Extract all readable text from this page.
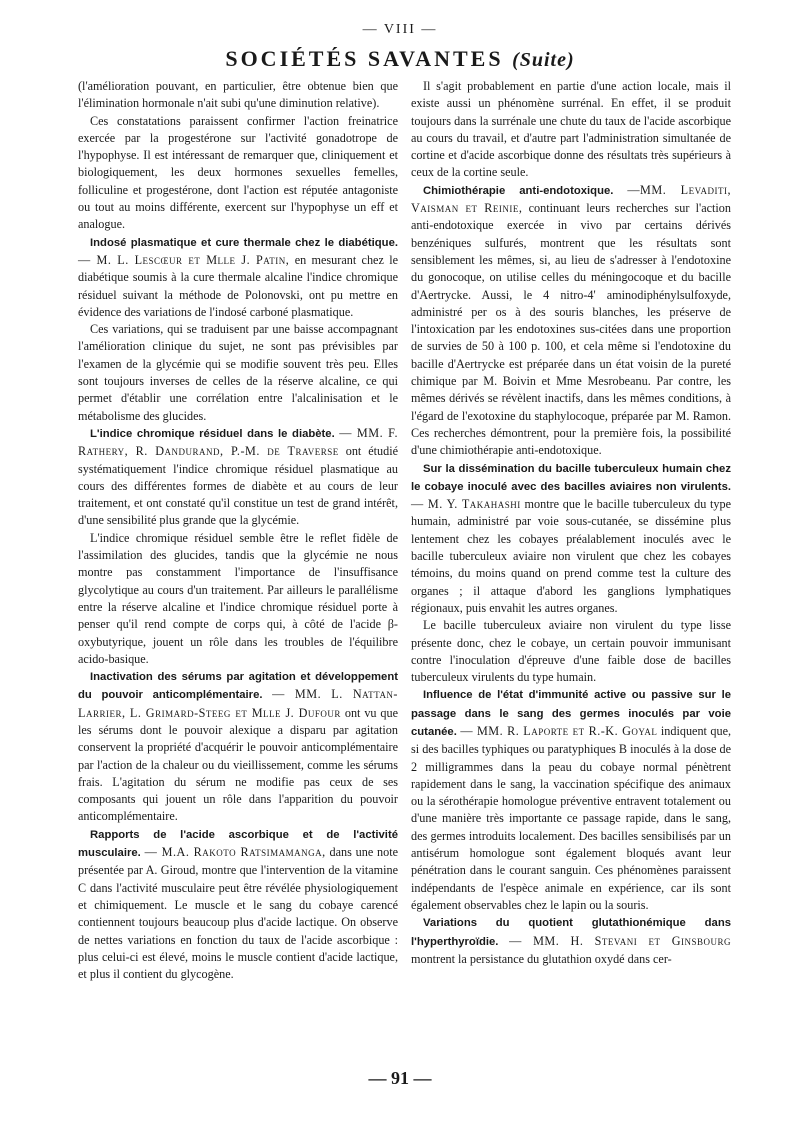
— VIII —
SOCIÉTÉS SAVANTES (Suite)

(l'amélioration pouvant, en particulier, être obtenue bien que l'élimination hormonale n'ait subi qu'une diminution relative).

Ces constatations paraissent confirmer l'action freinatrice exercée par la progestérone sur l'activité gonadotrope de l'hypophyse. Il est intéressant de remarquer que, cliniquement et biologiquement, les deux hormones sexuelles femelles, folliculine et progestérone, dont l'action est réputée antagoniste ou tout au moins différente, exercent sur l'hypophyse un eff et analogue.

Indosé plasmatique et cure thermale chez le diabétique. — M. L. Lescœur et Mlle J. Patin, en mesurant chez le diabétique soumis à la cure thermale alcaline l'indice chromique résiduel suivant la méthode de Polonovski, ont pu mettre en évidence des variations de l'indosé carboné plasmatique.

Ces variations, qui se traduisent par une baisse accompagnant l'amélioration clinique du sujet, ne sont pas prévisibles par l'examen de la glycémie qui se modifie souvent très peu. Elles sont toujours inverses de celles de la réserve alcaline, ce qui permet d'établir une corrélation entre l'alcalinisation et le métabolisme des glucides.

L'indice chromique résiduel dans le diabète. — MM. F. Rathery, R. Dandurand, P.-M. de Traverse ont étudié systématiquement l'indice chromique résiduel plasmatique au cours des différentes formes de diabète et au cours de leur traitement, et ont constaté qu'il constitue un test de grand intérêt, d'une sensibilité plus grande que la glycémie.

L'indice chromique résiduel semble être le reflet fidèle de l'assimilation des glucides, tandis que la glycémie ne nous montre pas constamment l'importance de l'insuffisance glycolytique au cours d'un traitement. Par ailleurs le parallélisme entre la réserve alcaline et l'indice chromique résiduel porte à penser qu'il rend compte de corps qui, à côté de l'acide β-oxybutyrique, jouent un rôle dans les troubles de l'équilibre acido-basique.

Inactivation des sérums par agitation et développement du pouvoir anticomplémentaire. — MM. L. Nattan-Larrier, L. Grimard-Steeg et Mlle J. Dufour ont vu que les sérums dont le pouvoir alexique a disparu par agitation conservent la propriété d'acquérir le pouvoir anticomplémentaire par l'action de la chaleur ou du vieillissement, comme les sérums frais. L'agitation du sérum ne modifie pas ceux de ses composants qui jouent un rôle dans l'apparition du pouvoir anticomplémentaire.

Rapports de l'acide ascorbique et de l'activité musculaire. — M.A. Rakoto Ratsimamanga, dans une note présentée par A. Giroud, montre que l'intervention de la vitamine C dans l'activité musculaire peut être révélée physiologiquement et chimiquement. Le muscle et le sang du cobaye carencé contiennent toujours beaucoup plus d'acide lactique. On observe de nettes variations en fonction du taux de l'acide ascorbique : plus celui-ci est élevé, moins le muscle contient d'acide lactique, et plus il contient du glycogène.

Il s'agit probablement en partie d'une action locale, mais il existe aussi un phénomène surrénal. En effet, il se produit toujours dans la surrénale une chute du taux de l'acide ascorbique au cours du travail, et d'autre part l'administration simultanée de cortine et d'acide ascorbique donne des résultats très supérieurs à ceux de la cortine seule.

Chimiothérapie anti-endotoxique. —MM. Levaditi, Vaisman et Reinie, continuant leurs recherches sur l'action anti-endotoxique exercée in vivo par certains dérivés benzéniques sulfurés, montrent que les résultats sont sensiblement les mêmes, si, au lieu de s'adresser à l'endotoxine du gonocoque, on utilise celles du méningocoque et du bacille d'Aertrycke. Aussi, le 4 nitro-4' aminodiphénylsulfoxyde, administré per os à des souris blanches, les préserve de l'intoxication par les endotoxines sus-citées dans une proportion de survies de 50 à 100 p. 100, et cela même si l'endotoxine du bacille d'Aertrycke est préparée dans un état voisin de la pureté chimique par M. Boivin et Mme Mesrobeanu. Par contre, les mêmes dérivés se révèlent inactifs, dans les mêmes conditions, à l'égard de l'exotoxine du staphylocoque, préparée par M. Ramon. Ces recherches démontrent, pour la première fois, la possibilité d'une chimiothérapie anti-endotoxique.

Sur la dissémination du bacille tuberculeux humain chez le cobaye inoculé avec des bacilles aviaires non virulents. — M. Y. Takahashi montre que le bacille tuberculeux du type humain, administré par voie sous-cutanée, se dissémine plus lentement chez les cobayes préalablement inoculés avec le bacille tuberculeux aviaire non virulent que chez les cobayes témoins, du moins quand on prend comme test la culture des organes ; il attaque d'abord les ganglions lymphatiques régionaux, puis envahit les autres organes.

Le bacille tuberculeux aviaire non virulent du type lisse présente donc, chez le cobaye, un certain pouvoir immunisant contre l'inoculation d'épreuve d'une faible dose de bacilles tuberculeux virulents du type humain.

Influence de l'état d'immunité active ou passive sur le passage dans le sang des germes inoculés par voie cutanée. — MM. R. Laporte et R.-K. Goyal indiquent que, si des bacilles typhiques ou paratyphiques B inoculés à la dose de 2 milligrammes dans la peau du cobaye normal pénètrent rapidement dans le sang, la vaccination spécifique des animaux ou la sérothérapie homologue préventive entravent totalement ou d'une manière très importante ce passage rapide, dans le sang, des germes introduits localement. Des bacilles sensibilisés par un antisérum homologue sont également bloqués avant leur pénétration dans le courant sanguin. Ces phénomènes paraissent indépendants de l'espèce animale en expérience, car ils sont également observables chez le lapin ou la souris.

Variations du quotient glutathionémique dans l'hyperthyroïdie. — MM. H. Stevani et Ginsbourg montrent la persistance du glutathion oxydé dans cer-

— 91 —
